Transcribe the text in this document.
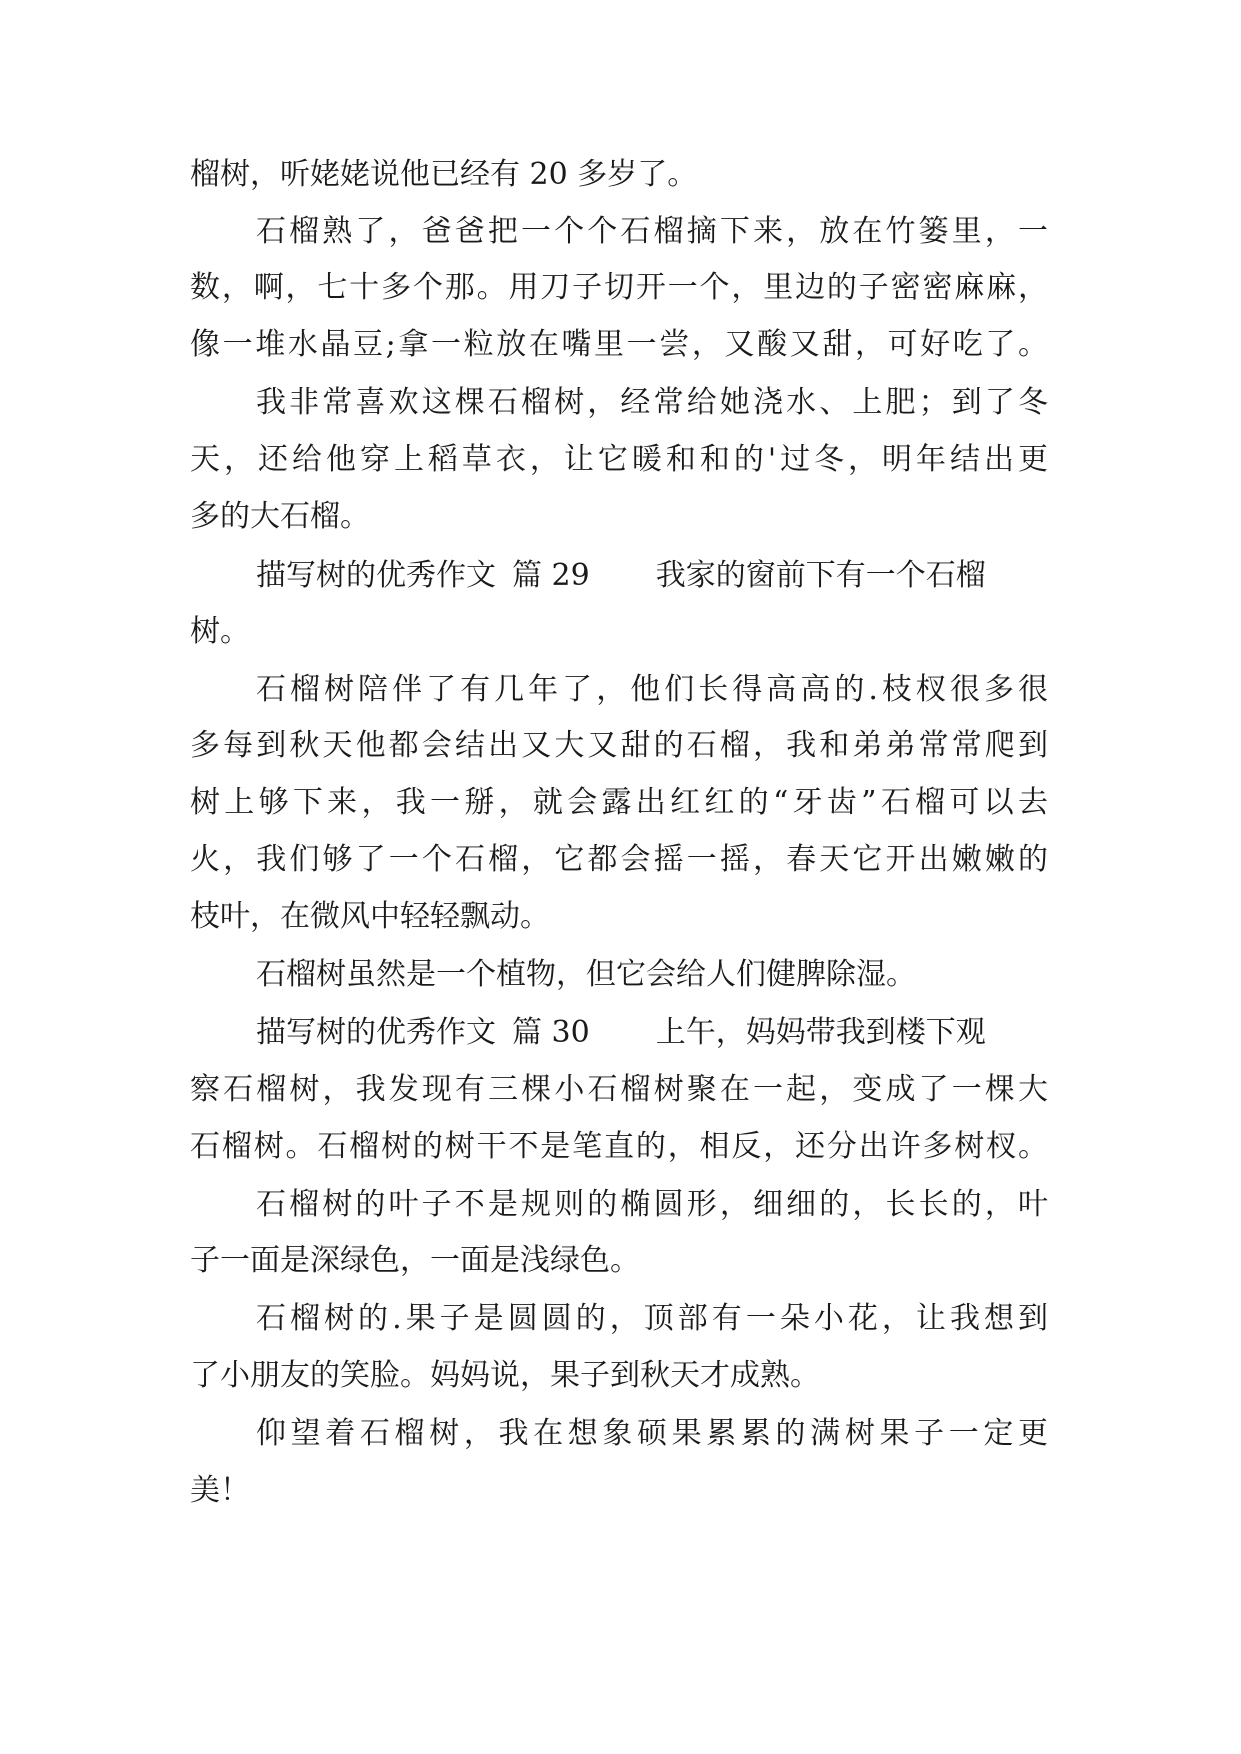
榴树，听姥姥说他已经有 20 多岁了。
石榴熟了，爸爸把一个个石榴摘下来，放在竹篓里，一
数，啊，七十多个那。用刀子切开一个，里边的子密密麻麻，
像一堆水晶豆;拿一粒放在嘴里一尝，又酸又甜，可好吃了。
我非常喜欢这棵石榴树，经常给她浇水、上肥；到了冬
天，还给他穿上稻草衣，让它暖和和的'过冬，明年结出更
多的大石榴。
描写树的优秀作文 篇 29 我家的窗前下有一个石榴
树。
石榴树陪伴了有几年了，他们长得高高的.枝杈很多很
多每到秋天他都会结出又大又甜的石榴，我和弟弟常常爬到
树上够下来，我一掰，就会露出红红的“牙齿”石榴可以去
火，我们够了一个石榴，它都会摇一摇，春天它开出嫩嫩的
枝叶，在微风中轻轻飘动。
石榴树虽然是一个植物，但它会给人们健脾除湿。
描写树的优秀作文 篇 30 上午，妈妈带我到楼下观
察石榴树，我发现有三棵小石榴树聚在一起，变成了一棵大
石榴树。石榴树的树干不是笔直的，相反，还分出许多树杈。
石榴树的叶子不是规则的椭圆形，细细的，长长的，叶
子一面是深绿色，一面是浅绿色。
石榴树的.果子是圆圆的，顶部有一朵小花，让我想到
了小朋友的笑脸。妈妈说，果子到秋天才成熟。
仰望着石榴树，我在想象硕果累累的满树果子一定更
美！
